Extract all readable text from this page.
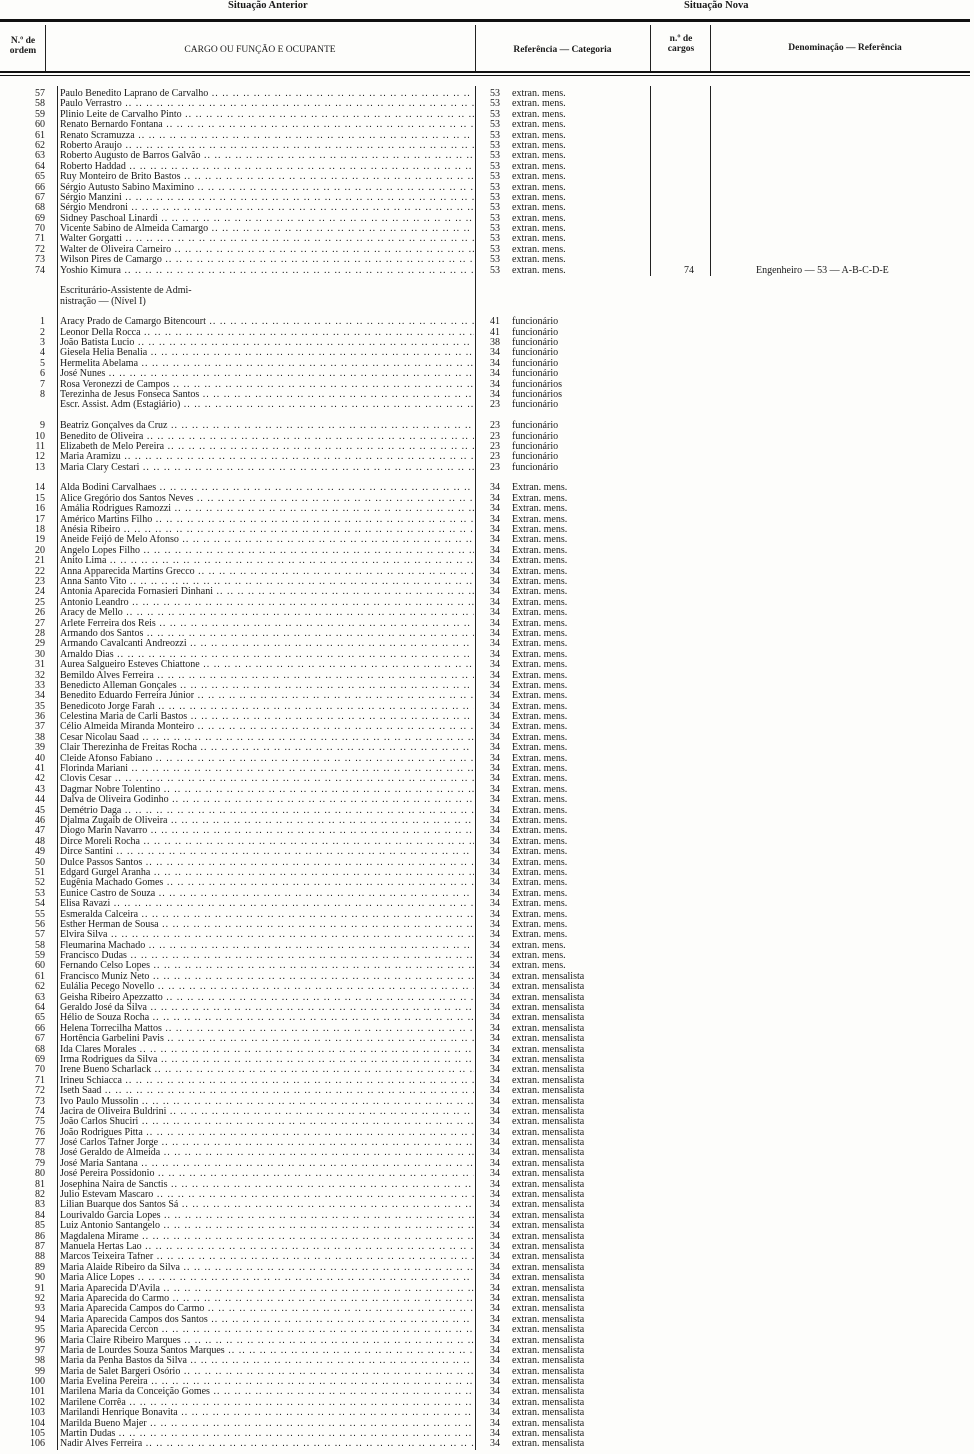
Situação Anterior	Situação Nova
N.º de ordem	CARGO OU FUNÇÃO E OCUPANTE	Referência — Categoria
n.º de cargos	Denominação — Referência
57 Paulo Benedito Laprano de Carvalho .. ..	53	extran. mens.
58 Paulo Verrastro .. ..	53	extran. mens.
59 Plinio Leite de Carvalho Pinto .. ..	53	extran. mens.
60 Renato Bernardo Fontana .. ..	53	extran. mens.
61 Renato Scramuzza .. ..	53	extran. mens.
62 Roberto Araujo .. ..	53	extran. mens.
63 Roberto Augusto de Barros Galvão .. ..	53	extran. mens.
64 Roberto Haddad .. ..	53	extran. mens.
65 Ruy Monteiro de Brito Bastos .. ..	53	extran. mens.
66 Sérgio Autusto Sabino Maximino .. ..	53	extran. mens.
67 Sérgio Manzini .. ..	53	extran. mens.
68 Sérgio Mendroni .. ..	53	extran. mens.
69 Sidney Paschoal Linardi .. ..	53	extran. mens.
70 Vicente Sabino de Almeida Camargo .. ..	53	extran. mens.
71 Walter Gorgatti .. ..	53	extran. mens.
72 Walter de Oliveira Carneiro .. ..	53	extran. mens.
73 Wilson Pires de Camargo .. ..	53	extran. mens.
74 Yoshio Kimura .. ..	53	extran. mens.	74	Engenheiro — 53 — A-B-C-D-E
Escriturário-Assistente de Admi-
nistração — (Nível I)
1 Aracy Prado de Camargo Bitencourt .. ..	41	funcionário
2 Leonor Della Rocca .. ..	41	funcionário
3 João Batista Lucio .. ..	38	funcionário
4 Giesela Helia Benalia .. ..	34	funcionário
5 Hermelita Abelama .. ..	34	funcionário
6 José Nunes .. ..	34	funcionário
7 Rosa Veronezzi de Campos .. ..	34	funcionários
8 Terezinha de Jesus Fonseca Santos .. ..	34	funcionários
Escr. Assist. Adm (Estagiário) .. ..	23	funcionário
9 Beatriz Gonçalves da Cruz .. ..	23	funcionário
10 Benedito de Oliveira .. ..	23	funcionário
11 Elizabeth de Melo Pereira .. ..	23	funcionário
12 Maria Aramizu .. ..	23	funcionário
13 Maria Clary Cestari .. ..	23	funcionário
14 Alda Bodini Carvalhaes .. ..	34	Extran. mens.
15 Alice Gregório dos Santos Neves .. ..	34	Extran. mens.
16 Amália Rodrigues Ramozzi .. ..	34	Extran. mens.
17 Américo Martins Filho .. ..	34	Extran. mens.
18 Anésia Ribeiro .. ..	34	Extran. mens.
19 Aneide Feijó de Melo Afonso .. ..	34	Extran. mens.
20 Angelo Lopes Filho .. ..	34	Extran. mens.
21 Anito Lima .. ..	34	Extran. mens.
22 Anna Apparecida Martins Grecco .. ..	34	Extran. mens.
23 Anna Santo Vito .. ..	34	Extran. mens.
24 Antonia Aparecida Fornasieri Dinhani .. ..	34	Extran. mens.
25 Antonio Leandro .. ..	34	Extran. mens.
26 Aracy de Mello .. ..	34	Extran. mens.
27 Arlete Ferreira dos Reis .. ..	34	Extran. mens.
28 Armando dos Santos .. ..	34	Extran. mens.
29 Armando Cavalcanti Andreozzi .. ..	34	Extran. mens.
30 Arnaldo Dias .. ..	34	Extran. mens.
31 Aurea Salgueiro Esteves Chiattone .. ..	34	Extran. mens.
32 Bemildo Alves Ferreira .. ..	34	Extran. mens.
33 Benedicto Alleman Gonçales .. ..	34	Extran. mens.
34 Benedito Eduardo Ferreira Júnior .. ..	34	Extran. mens.
35 Benedicoto Jorge Farah .. ..	34	Extran. mens.
36 Celestina Maria de Carli Bastos .. ..	34	Extran. mens.
37 Célio Almeida Miranda Monteiro .. ..	34	Extran. mens.
38 Cesar Nicolau Saad .. ..	34	Extran. mens.
39 Clair Therezinha de Freitas Rocha .. ..	34	Extran. mens.
40 Cleide Afonso Fabiano .. ..	34	Extran. mens.
41 Florinda Mariani .. ..	34	Extran. mens.
42 Clovis Cesar .. ..	34	Extran. mens.
43 Dagmar Nobre Tolentino .. ..	34	Extran. mens.
44 Dalva de Oliveira Godinho .. ..	34	Extran. mens.
45 Demétrio Daga .. ..	34	Extran. mens.
46 Djalma Zugaib de Oliveira .. ..	34	Extran. mens.
47 Diogo Marin Navarro .. ..	34	Extran. mens.
48 Dirce Moreli Rocha .. ..	34	Extran. mens.
49 Dirce Santini .. ..	34	Extran. mens.
50 Dulce Passos Santos .. ..	34	Extran. mens.
51 Edgard Gurgel Aranha .. ..	34	Extran. mens.
52 Eugênia Machado Gomes .. ..	34	Extran. mens.
53 Eunice Castro de Souza .. ..	34	Extran. mens.
54 Elisa Ravazi .. ..	34	Extran. mens.
55 Esmeralda Calceira .. ..	34	Extran. mens.
56 Esther Herman de Sousa .. ..	34	Extran. mens.
57 Elvira Silva .. ..	34	Extran. mens.
58 Fleumarina Machado .. ..	34	extran. mens.
59 Francisco Dudas .. ..	34	extran. mens.
60 Fernando Celso Lopes .. ..	34	extran. mens.
61 Francisco Muniz Neto .. ..	34	extran. mensalista
62 Eulália Pecego Novello .. ..	34	extran. mensalista
63 Geisha Ribeiro Apezzatto .. ..	34	extran. mensalista
64 Geraldo José da Silva .. ..	34	extran. mensalista
65 Hélio de Souza Rocha .. ..	34	extran. mensalista
66 Helena Torrecilha Mattos .. ..	34	extran. mensalista
67 Hortência Garbelini Pavis .. ..	34	extran. mensalista
68 Ida Clares Morales .. ..	34	extran. mensalista
69 Irma Rodrigues da Silva .. ..	34	extran. mensalista
70 Irene Bueno Scharlack .. ..	34	extran. mensalista
71 Irineu Schiacca .. ..	34	extran. mensalista
72 Iseth Saad .. ..	34	extran. mensalista
73 Ivo Paulo Mussolin .. ..	34	extran. mensalista
74 Jacira de Oliveira Buldrini .. ..	34	extran. mensalista
75 João Carlos Shuciri .. ..	34	extran. mensalista
76 João Rodrigues Pitta .. ..	34	extran. mensalista
77 José Carlos Tafner Jorge .. ..	34	extran. mensalista
78 José Geraldo de Almeida .. ..	34	extran. mensalista
79 José Maria Santana .. ..	34	extran. mensalista
80 José Pereira Possidonio .. ..	34	extran. mensalista
81 Josephina Naira de Sanctis .. ..	34	extran. mensalista
82 Julio Estevam Mascaro .. ..	34	extran. mensalista
83 Lilian Buarque dos Santos Sá .. ..	34	extran. mensalista
84 Lourivaldo Garcia Lopes .. ..	34	extran. mensalista
85 Luiz Antonio Santangelo .. ..	34	extran. mensalista
86 Magdalena Mirame .. ..	34	extran. mensalista
87 Manuela Hertas Lao .. ..	34	extran. mensalista
88 Marcos Teixeira Tafner .. ..	34	extran. mensalista
89 Maria Alaide Ribeiro da Silva .. ..	34	extran. mensalista
90 Maria Alice Lopes .. ..	34	extran. mensalista
91 Maria Aparecida D'Avila .. ..	34	extran. mensalista
92 Maria Aparecida do Carmo .. ..	34	extran. mensalista
93 Maria Aparecida Campos do Carmo .. ..	34	extran. mensalista
94 Maria Aparecida Campos dos Santos .. ..	34	extran. mensalista
95 Maria Aparecida Cercon .. ..	34	extran. mensalista
96 Maria Claire Ribeiro Marques .. ..	34	extran. mensalista
97 Maria de Lourdes Souza Santos Marques .. ..	34	extran. mensalista
98 Maria da Penha Bastos da Silva .. ..	34	extran. mensalista
99 Maria de Salet Bargeri Osório .. ..	34	extran. mensalista
100 Maria Evelina Pereira .. ..	34	extran. mensalista
101 Marilena Maria da Conceição Gomes .. ..	34	extran. mensalista
102 Marilene Corrêa .. ..	34	extran. mensalista
103 Marilandi Henrique Bonavita .. ..	34	extran. mensalista
104 Marilda Bueno Majer .. ..	34	extran. mensalista
105 Martin Dudas .. ..	34	extran. mensalista
106 Nadir Alves Ferreira .. ..	34	extran. mensalista
